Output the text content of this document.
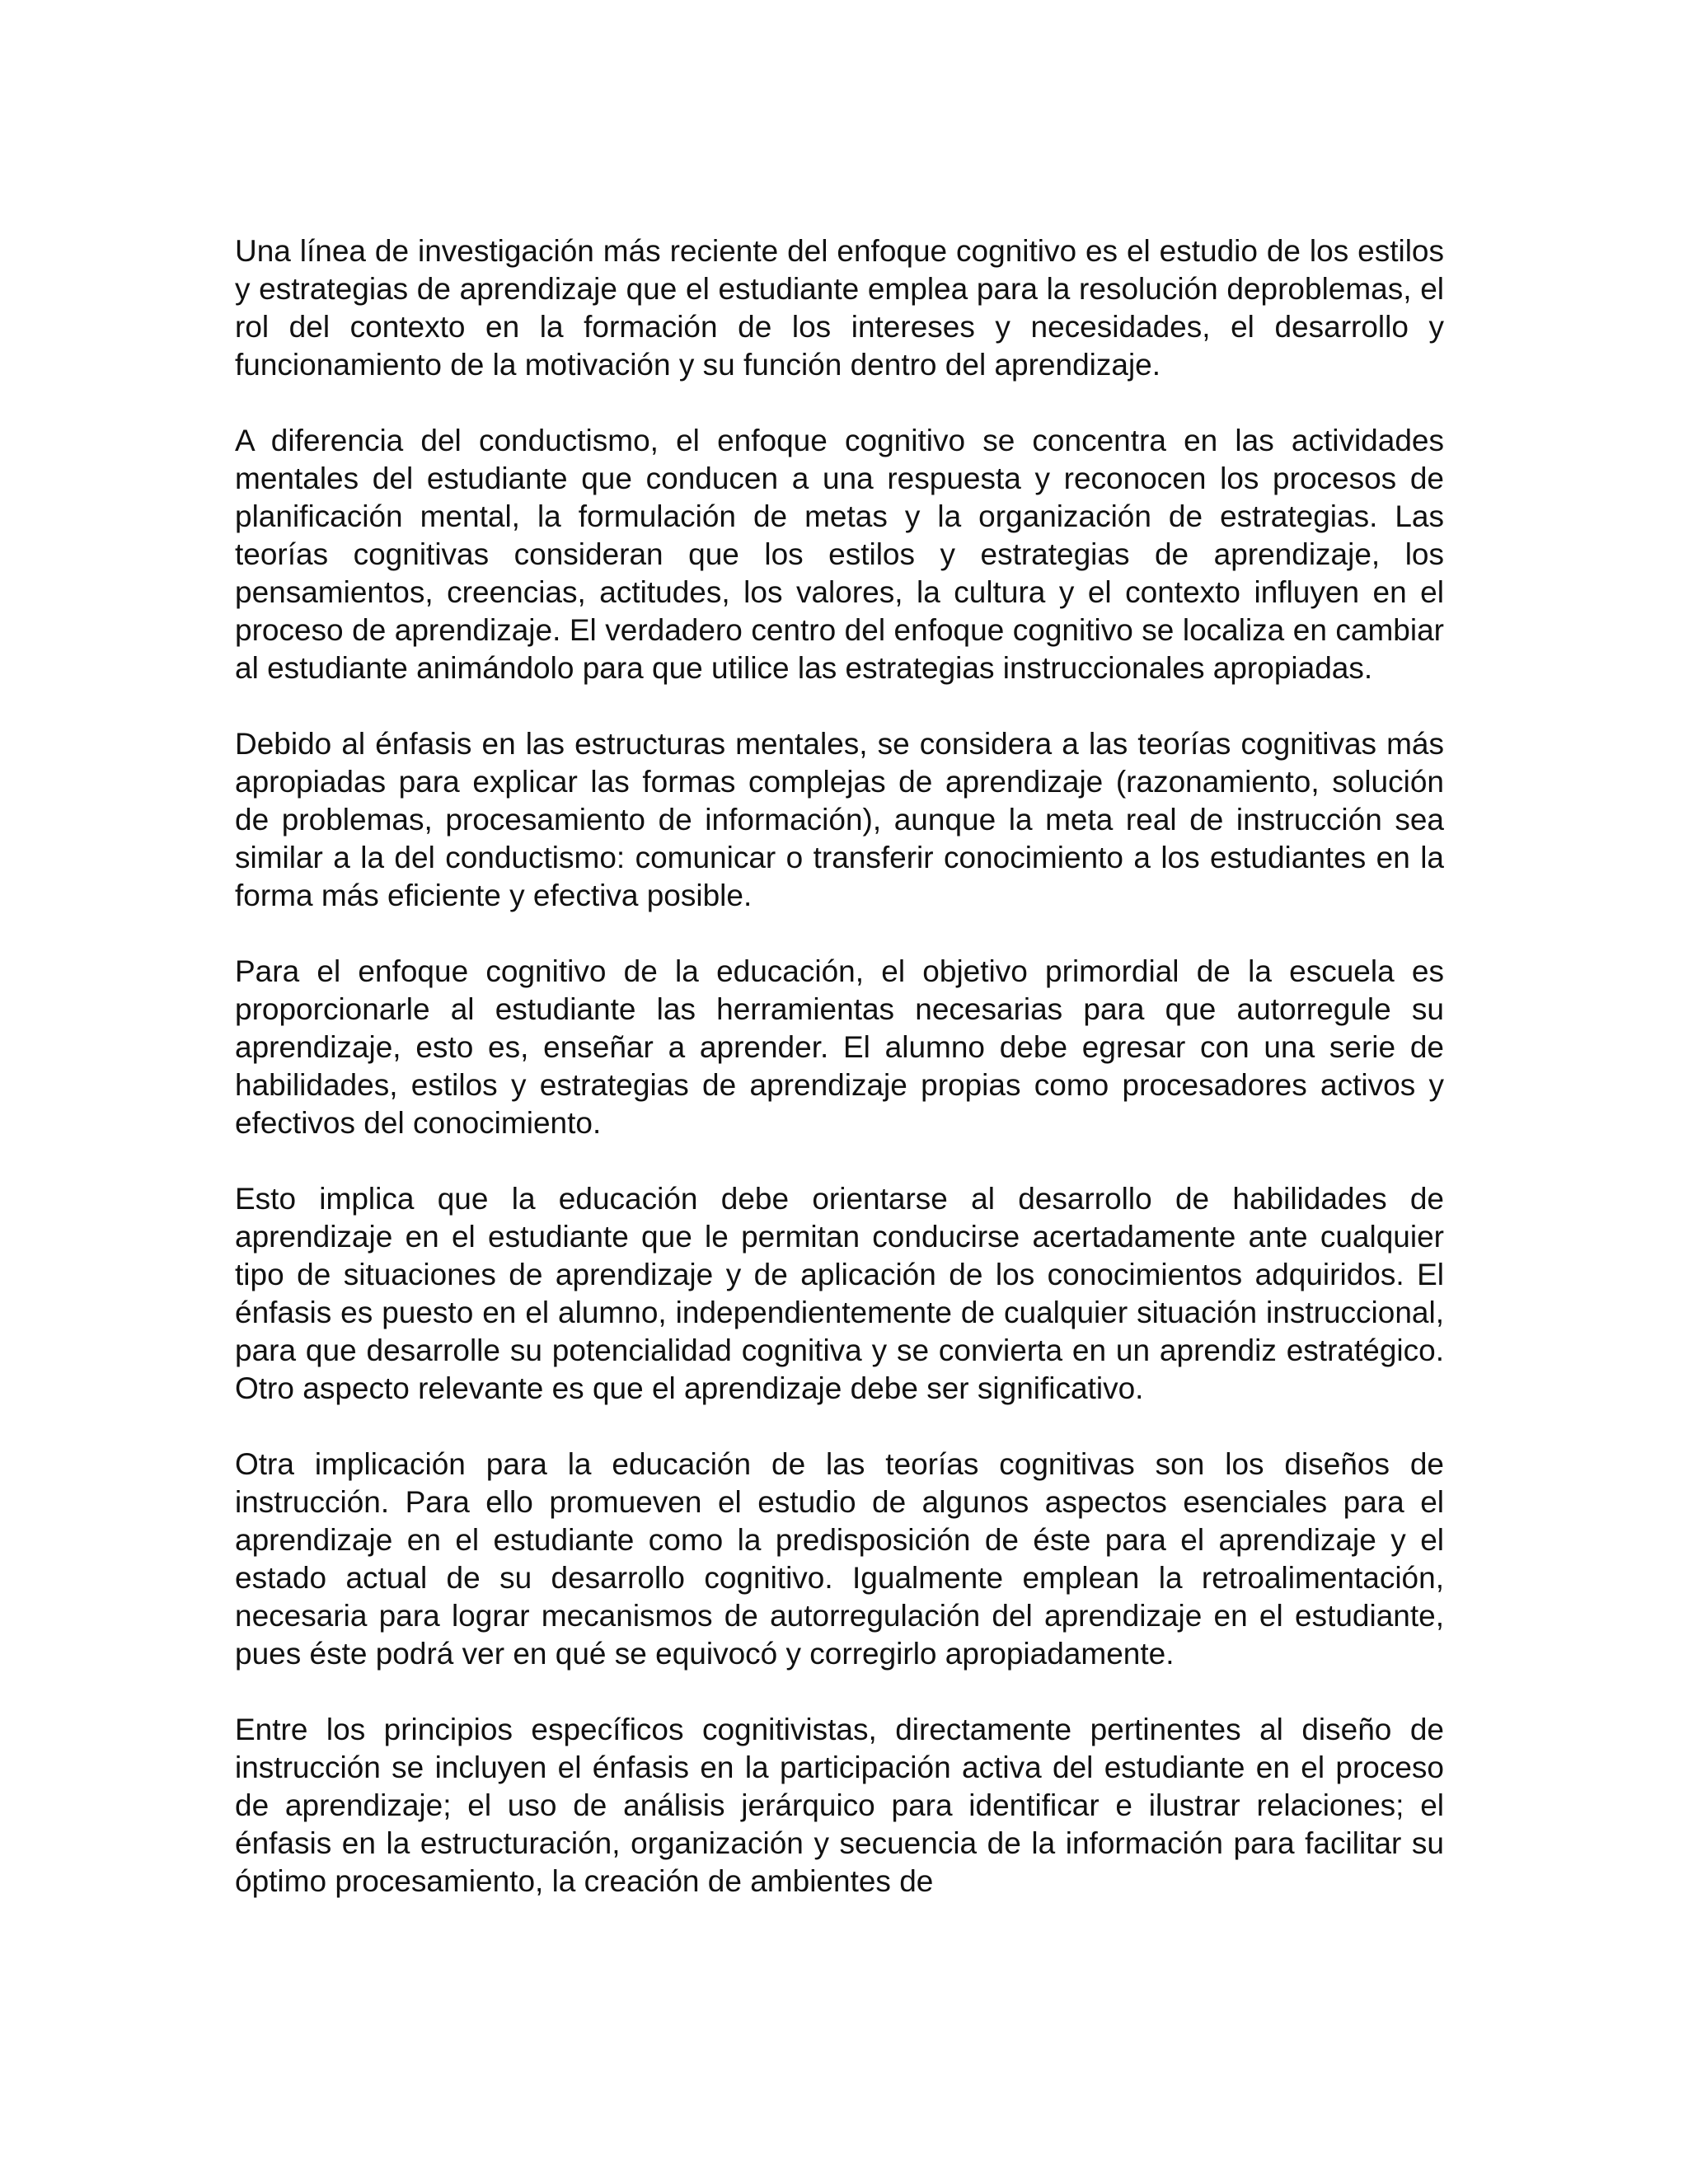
Una línea de investigación más reciente del enfoque cognitivo es el estudio de los estilos y estrategias de aprendizaje que el estudiante emplea para la resolución deproblemas, el rol del contexto en la formación de los intereses y necesidades, el desarrollo y funcionamiento de la motivación y su función dentro del aprendizaje.

A diferencia del conductismo, el enfoque cognitivo se concentra en las actividades mentales del estudiante que conducen a una respuesta y reconocen los procesos de planificación mental, la formulación de metas y la organización de estrategias. Las teorías cognitivas consideran que los estilos y estrategias de aprendizaje, los pensamientos, creencias, actitudes, los valores, la cultura y el contexto influyen en el proceso de aprendizaje. El verdadero centro del enfoque cognitivo se localiza en cambiar al estudiante animándolo para que utilice las estrategias instruccionales apropiadas.

Debido al énfasis en las estructuras mentales, se considera a las teorías cognitivas más apropiadas para explicar las formas complejas de aprendizaje (razonamiento, solución de problemas, procesamiento de información), aunque la meta real de instrucción sea similar a la del conductismo: comunicar o transferir conocimiento a los estudiantes en la forma más eficiente y efectiva posible.

Para el enfoque cognitivo de la educación, el objetivo primordial de la escuela es proporcionarle al estudiante las herramientas necesarias para que autorregule su aprendizaje, esto es, enseñar a aprender. El alumno debe egresar con una serie de habilidades, estilos y estrategias de aprendizaje propias como procesadores activos y efectivos del conocimiento.

Esto implica que la educación debe orientarse al desarrollo de habilidades de aprendizaje en el estudiante que le permitan conducirse acertadamente ante cualquier tipo de situaciones de aprendizaje y de aplicación de los conocimientos adquiridos. El énfasis es puesto en el alumno, independientemente de cualquier situación instruccional, para que desarrolle su potencialidad cognitiva y se convierta en un aprendiz estratégico. Otro aspecto relevante es que el aprendizaje debe ser significativo.

Otra implicación para la educación de las teorías cognitivas son los diseños de instrucción. Para ello promueven el estudio de algunos aspectos esenciales para el aprendizaje en el estudiante como la predisposición de éste para el aprendizaje y el estado actual de su desarrollo cognitivo. Igualmente emplean la retroalimentación, necesaria para lograr mecanismos de autorregulación del aprendizaje en el estudiante, pues éste podrá ver en qué se equivocó y corregirlo apropiadamente.

Entre los principios específicos cognitivistas, directamente pertinentes al diseño de instrucción se incluyen el énfasis en la participación activa del estudiante en el proceso de aprendizaje; el uso de análisis jerárquico para identificar e ilustrar relaciones; el énfasis en la estructuración, organización y secuencia de la información para facilitar su óptimo procesamiento, la creación de ambientes de
